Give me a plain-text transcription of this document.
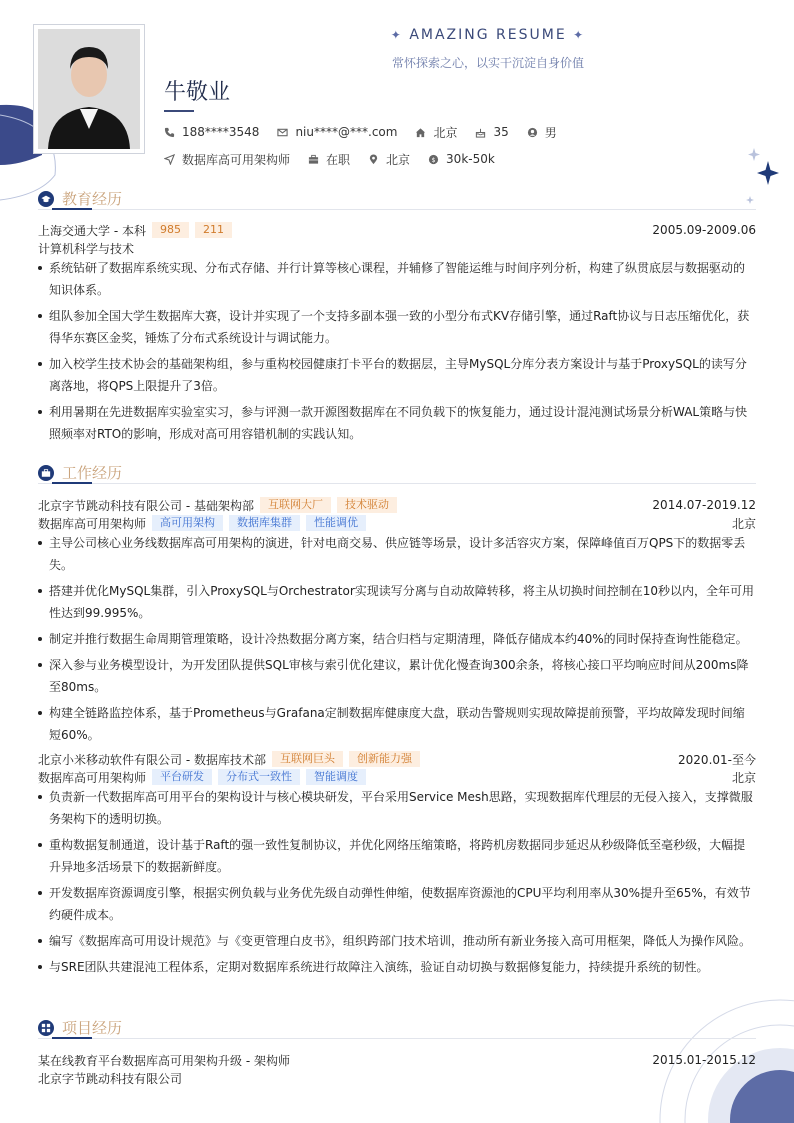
✦ AMAZING RESUME ✦
常怀探索之心，以实干沉淀自身价值
牛敬业
188****3548	niu****@***.com	北京	35	男
数据库高可用架构师	在职	北京	$ 30k-50k
教育经历
上海交通大学 - 本科	985	211	2005.09-2009.06
计算机科学与技术
系统钻研了数据库系统实现、分布式存储、并行计算等核心课程，并辅修了智能运维与时间序列分析，构建了纵贯底层与数据驱动的知识体系。
组队参加全国大学生数据库大赛，设计并实现了一个支持多副本强一致的小型分布式KV存储引擎，通过Raft协议与日志压缩优化，获得华东赛区金奖，锤炼了分布式系统设计与调试能力。
加入校学生技术协会的基础架构组，参与重构校园健康打卡平台的数据层，主导MySQL分库分表方案设计与基于ProxySQL的读写分离落地，将QPS上限提升了3倍。
利用暑期在先进数据库实验室实习，参与评测一款开源图数据库在不同负载下的恢复能力，通过设计混沌测试场景分析WAL策略与快照频率对RTO的影响，形成对高可用容错机制的实践认知。
工作经历
北京字节跳动科技有限公司 - 基础架构部	互联网大厂	技术驱动	2014.07-2019.12
数据库高可用架构师	高可用架构	数据库集群	性能调优	北京
主导公司核心业务线数据库高可用架构的演进，针对电商交易、供应链等场景，设计多活容灾方案，保障峰值百万QPS下的数据零丢失。
搭建并优化MySQL集群，引入ProxySQL与Orchestrator实现读写分离与自动故障转移，将主从切换时间控制在10秒以内，全年可用性达到99.995%。
制定并推行数据生命周期管理策略，设计冷热数据分离方案，结合归档与定期清理，降低存储成本约40%的同时保持查询性能稳定。
深入参与业务模型设计，为开发团队提供SQL审核与索引优化建议，累计优化慢查询300余条，将核心接口平均响应时间从200ms降至80ms。
构建全链路监控体系，基于Prometheus与Grafana定制数据库健康度大盘，联动告警规则实现故障提前预警，平均故障发现时间缩短60%。
北京小米移动软件有限公司 - 数据库技术部	互联网巨头	创新能力强	2020.01-至今
数据库高可用架构师	平台研发	分布式一致性	智能调度	北京
负责新一代数据库高可用平台的架构设计与核心模块研发，平台采用Service Mesh思路，实现数据库代理层的无侵入接入，支撑微服务架构下的透明切换。
重构数据复制通道，设计基于Raft的强一致性复制协议，并优化网络压缩策略，将跨机房数据同步延迟从秒级降低至毫秒级，大幅提升异地多活场景下的数据新鲜度。
开发数据库资源调度引擎，根据实例负载与业务优先级自动弹性伸缩，使数据库资源池的CPU平均利用率从30%提升至65%，有效节约硬件成本。
编写《数据库高可用设计规范》与《变更管理白皮书》，组织跨部门技术培训，推动所有新业务接入高可用框架，降低人为操作风险。
与SRE团队共建混沌工程体系，定期对数据库系统进行故障注入演练，验证自动切换与数据修复能力，持续提升系统的韧性。
项目经历
某在线教育平台数据库高可用架构升级 - 架构师	2015.01-2015.12
北京字节跳动科技有限公司
